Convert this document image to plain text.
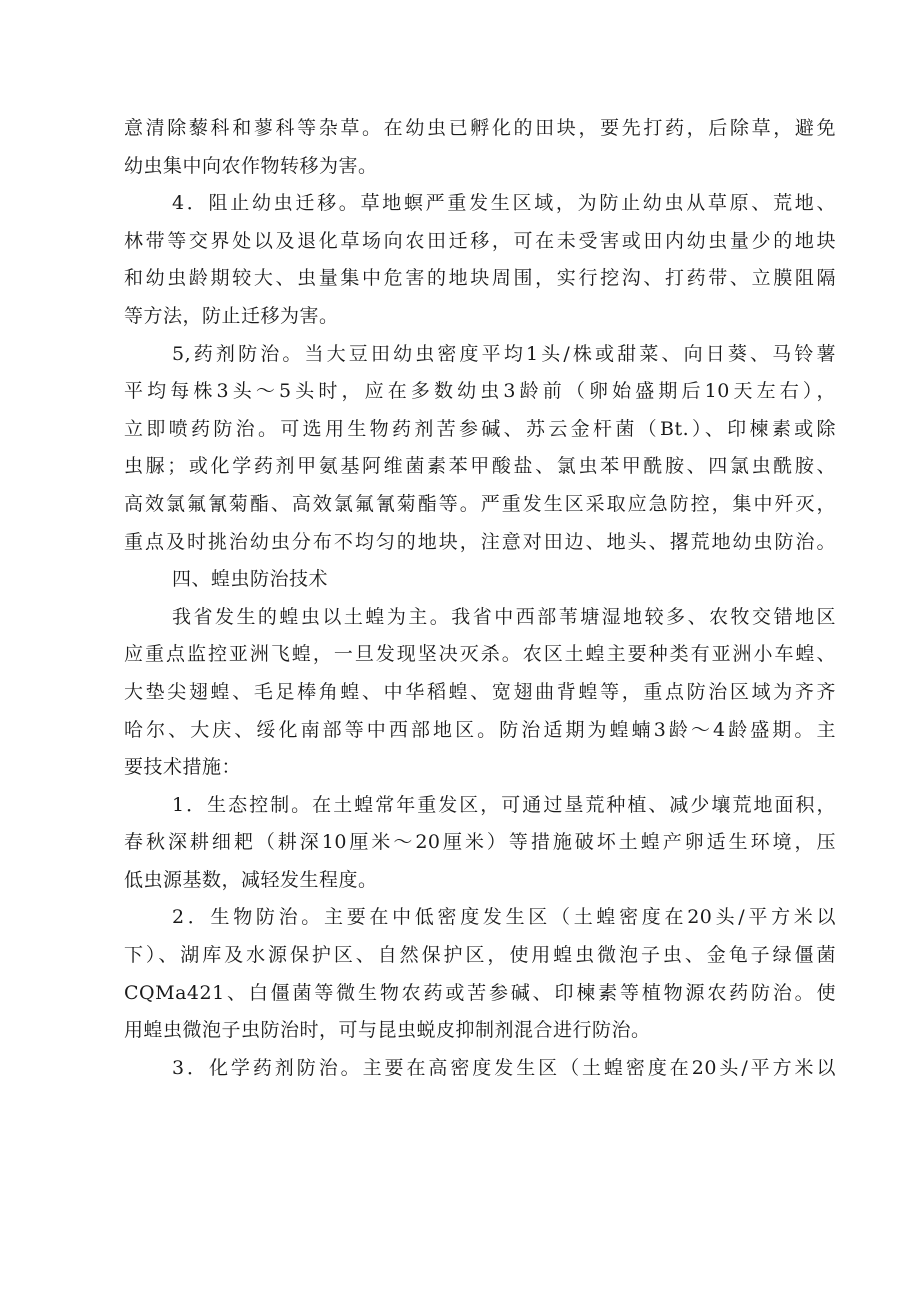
意清除藜科和蓼科等杂草。在幼虫已孵化的田块，要先打药，后除草，避免
幼虫集中向农作物转移为害。

4．阻止幼虫迁移。草地螟严重发生区域，为防止幼虫从草原、荒地、
林带等交界处以及退化草场向农田迁移，可在未受害或田内幼虫量少的地块
和幼虫龄期较大、虫量集中危害的地块周围，实行挖沟、打药带、立膜阻隔
等方法，防止迁移为害。

5,药剂防治。当大豆田幼虫密度平均1头/株或甜菜、向日葵、马铃薯
平均每株3头～5头时，应在多数幼虫3龄前（卵始盛期后10天左右），
立即喷药防治。可选用生物药剂苦参碱、苏云金杆菌（Bt.）、印楝素或除
虫脲；或化学药剂甲氨基阿维菌素苯甲酸盐、氯虫苯甲酰胺、四氯虫酰胺、
高效氯氟氰菊酯、高效氯氟氰菊酯等。严重发生区采取应急防控，集中歼灭，
重点及时挑治幼虫分布不均匀的地块，注意对田边、地头、撂荒地幼虫防治。

四、蝗虫防治技术

我省发生的蝗虫以土蝗为主。我省中西部苇塘湿地较多、农牧交错地区
应重点监控亚洲飞蝗，一旦发现坚决灭杀。农区土蝗主要种类有亚洲小车蝗、
大垫尖翅蝗、毛足棒角蝗、中华稻蝗、宽翅曲背蝗等，重点防治区域为齐齐
哈尔、大庆、绥化南部等中西部地区。防治适期为蝗蝻3龄～4龄盛期。主
要技术措施：

1．生态控制。在土蝗常年重发区，可通过垦荒种植、减少壤荒地面积，
春秋深耕细耙（耕深10厘米～20厘米）等措施破坏土蝗产卵适生环境，压
低虫源基数，减轻发生程度。

2．生物防治。主要在中低密度发生区（土蝗密度在20头/平方米以
下）、湖库及水源保护区、自然保护区，使用蝗虫微泡子虫、金龟子绿僵菌
CQMa421、白僵菌等微生物农药或苦参碱、印楝素等植物源农药防治。使
用蝗虫微泡子虫防治时，可与昆虫蜕皮抑制剂混合进行防治。

3．化学药剂防治。主要在高密度发生区（土蝗密度在20头/平方米以
